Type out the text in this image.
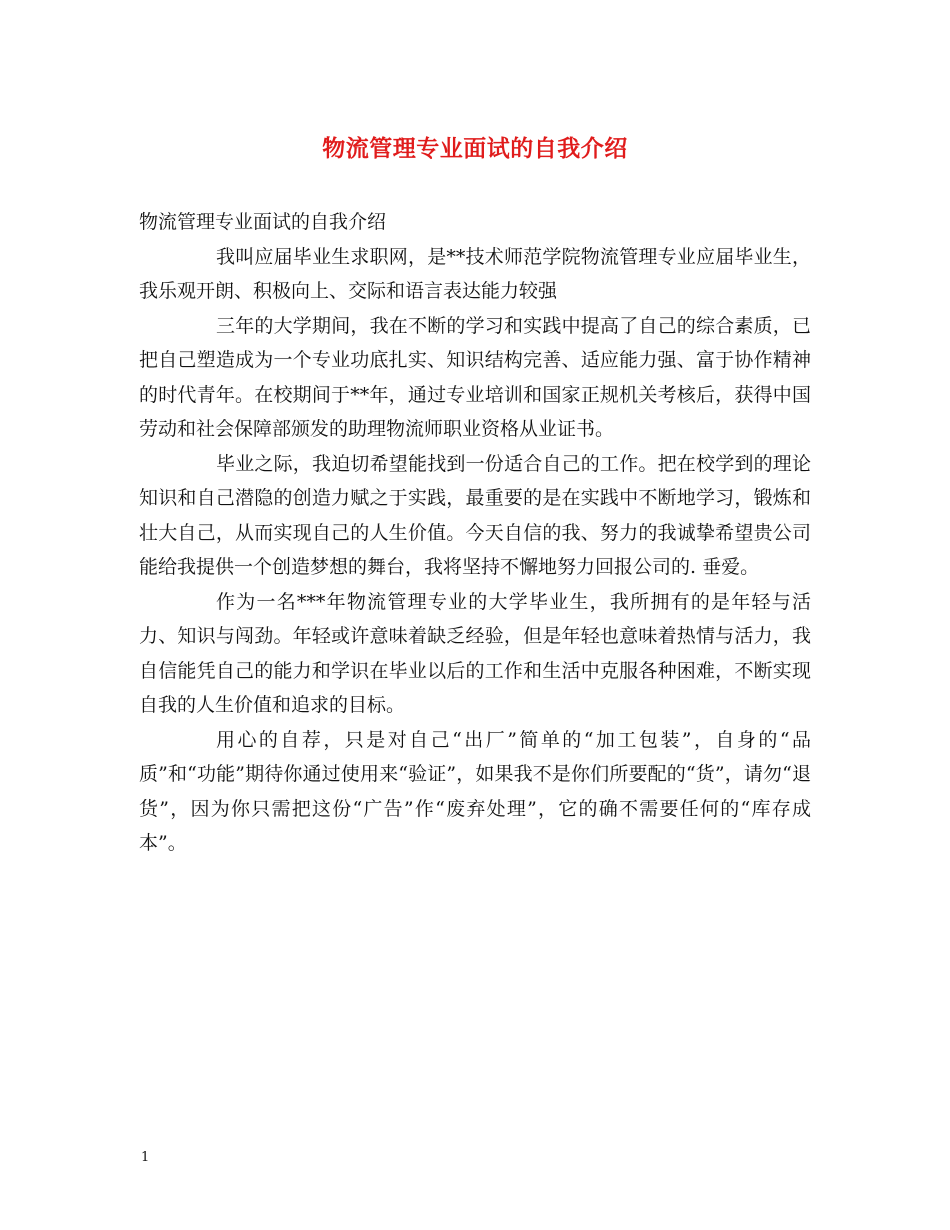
物流管理专业面试的自我介绍

物流管理专业面试的自我介绍

我叫应届毕业生求职网，是**技术师范学院物流管理专业应届毕业生，我乐观开朗、积极向上、交际和语言表达能力较强

三年的大学期间，我在不断的学习和实践中提高了自己的综合素质，已把自己塑造成为一个专业功底扎实、知识结构完善、适应能力强、富于协作精神的时代青年。在校期间于**年，通过专业培训和国家正规机关考核后，获得中国劳动和社会保障部颁发的助理物流师职业资格从业证书。

毕业之际，我迫切希望能找到一份适合自己的工作。把在校学到的理论知识和自己潜隐的创造力赋之于实践，最重要的是在实践中不断地学习，锻炼和壮大自己，从而实现自己的人生价值。今天自信的我、努力的我诚挚希望贵公司能给我提供一个创造梦想的舞台，我将坚持不懈地努力回报公司的. 垂爱。

作为一名***年物流管理专业的大学毕业生，我所拥有的是年轻与活力、知识与闯劲。年轻或许意味着缺乏经验，但是年轻也意味着热情与活力，我自信能凭自己的能力和学识在毕业以后的工作和生活中克服各种困难，不断实现自我的人生价值和追求的目标。

用心的自荐，只是对自己“出厂”简单的“加工包装”，自身的“品质”和“功能”期待你通过使用来“验证”，如果我不是你们所要配的“货”，请勿“退货”，因为你只需把这份“广告”作“废弃处理”，它的确不需要任何的“库存成本”。

1
